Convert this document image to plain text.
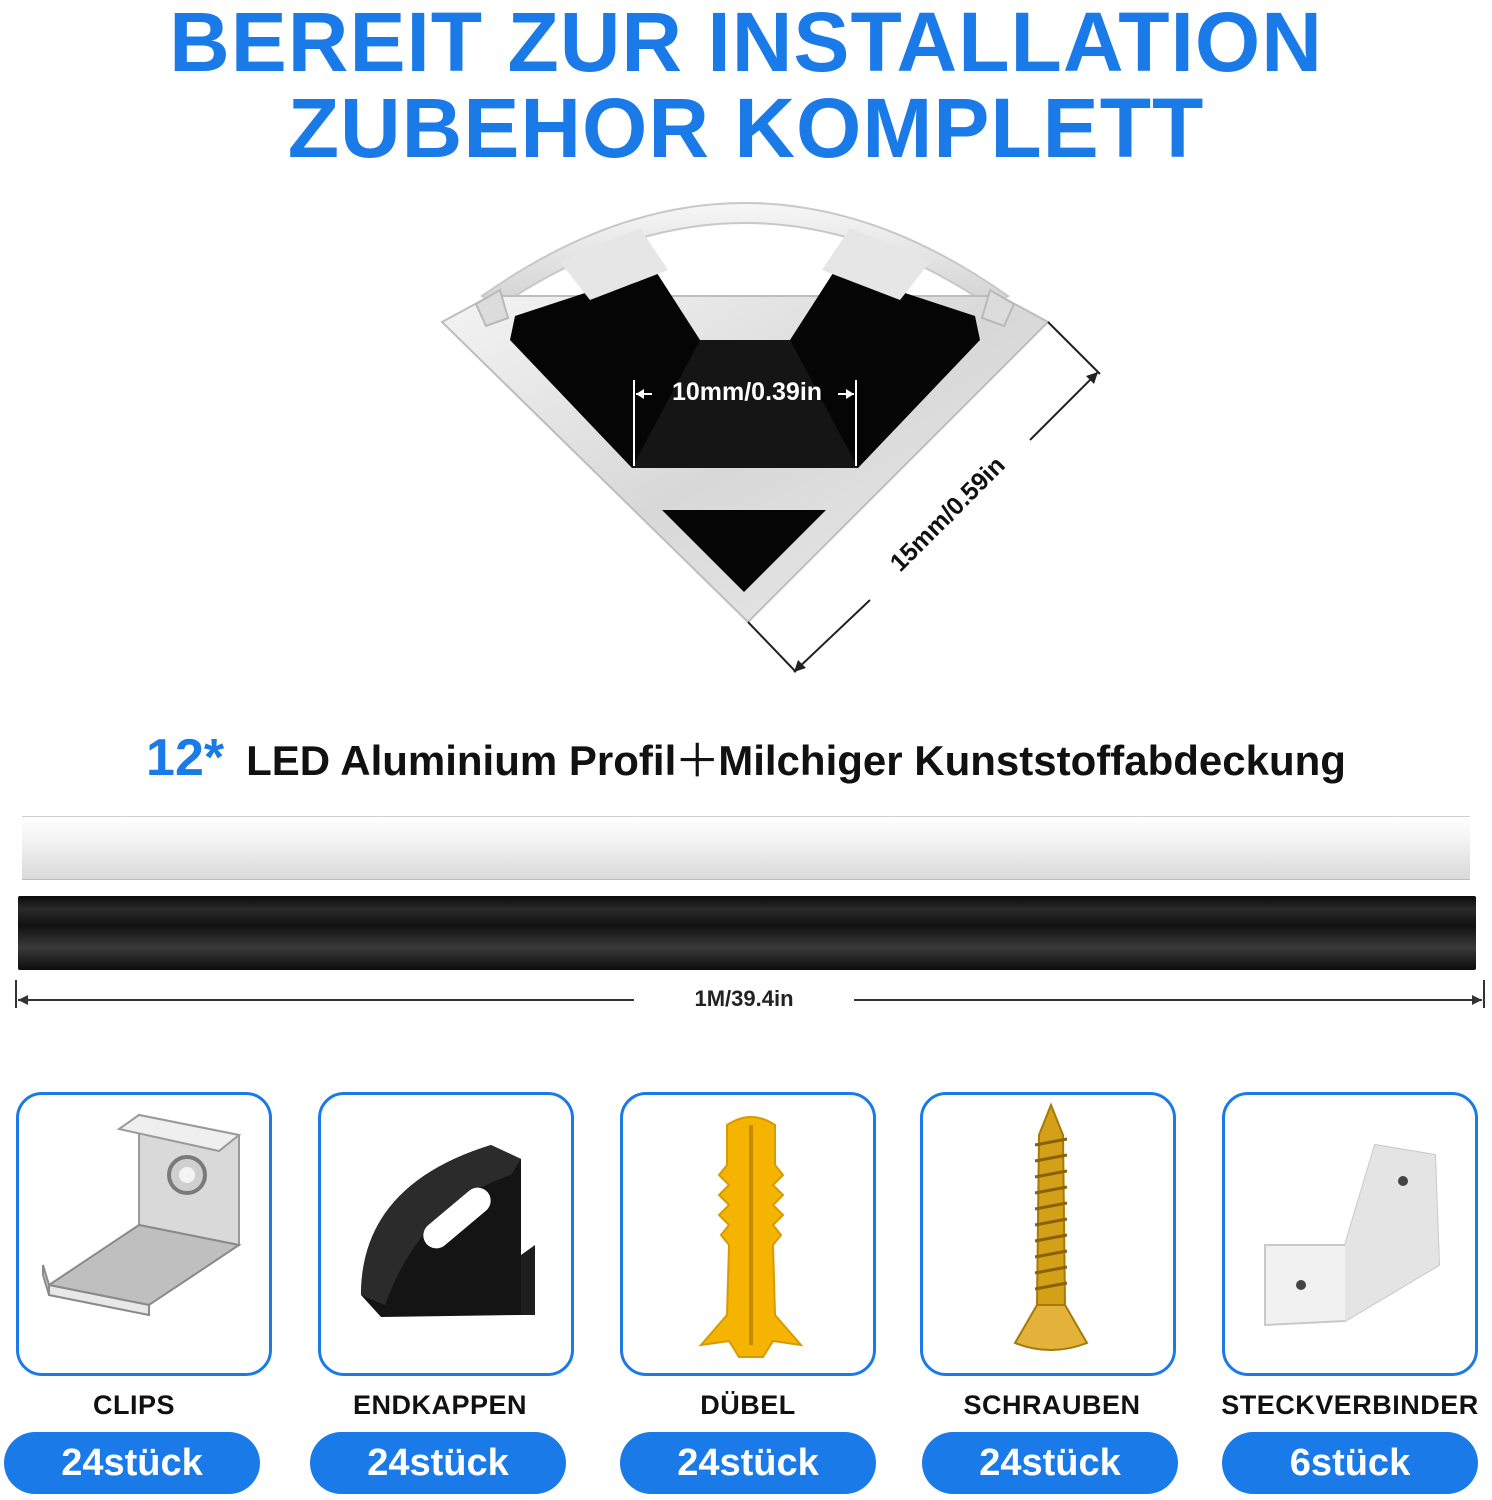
BEREIT ZUR INSTALLATION
ZUBEHOR KOMPLETT
10mm/0.39in
15mm/0.59in
12* LED Aluminium Profil＋Milchiger Kunststoffabdeckung
1M/39.4in
CLIPS	ENDKAPPEN	DÜBEL	SCHRAUBEN	STECKVERBINDER
24stück	24stück	24stück	24stück	6stück
